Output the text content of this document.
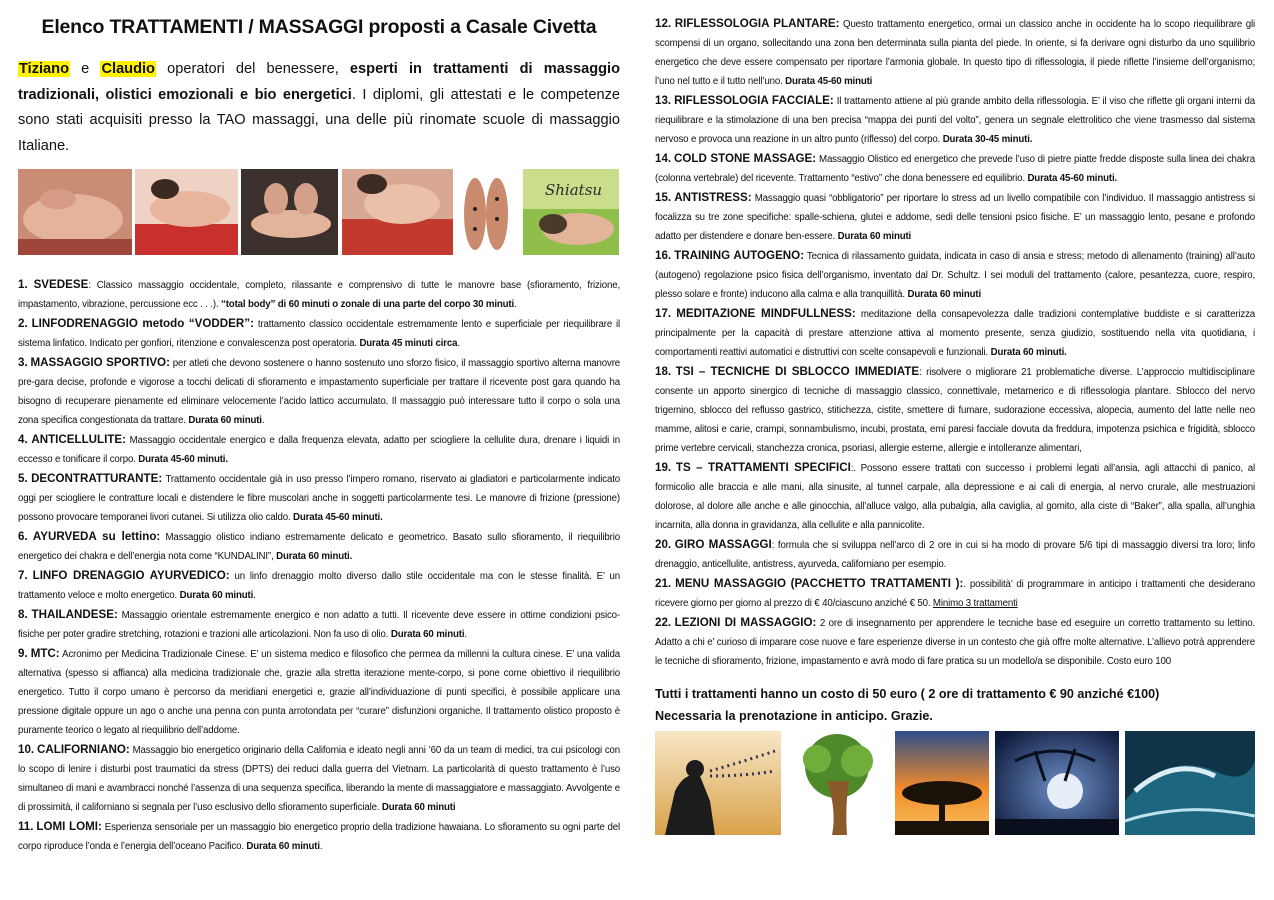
Elenco TRATTAMENTI / MASSAGGI proposti a Casale Civetta

Tiziano e Claudio operatori del benessere, esperti in trattamenti di massaggio tradizionali, olistici emozionali e bio energetici. I diplomi, gli attestati e le competenze sono stati acquisiti presso la TAO massaggi, una delle più rinomate scuole di massaggio Italiane.

Shiatsu

1. SVEDESE: Classico massaggio occidentale, completo, rilassante e comprensivo di tutte le manovre base (sfioramento, frizione, impastamento, vibrazione, percussione ecc . . .). “total body” di 60 minuti o zonale di una parte del corpo 30 minuti.

2. LINFODRENAGGIO metodo “VODDER”: trattamento classico occidentale estremamente lento e superficiale per riequilibrare il sistema linfatico. Indicato per gonfiori, ritenzione e convalescenza post operatoria. Durata 45 minuti circa.

3. MASSAGGIO SPORTIVO: per atleti che devono sostenere o hanno sostenuto uno sforzo fisico, il massaggio sportivo alterna manovre pre-gara decise, profonde e vigorose a tocchi delicati di sfioramento e impastamento superficiale per trattare il ricevente post gara quando ha bisogno di recuperare pienamente ed eliminare velocemente l’acido lattico accumulato. Il massaggio può interessare tutto il corpo o sola una zona specifica congestionata da trattare. Durata 60 minuti.

4. ANTICELLULITE: Massaggio occidentale energico e dalla frequenza elevata, adatto per sciogliere la cellulite dura, drenare i liquidi in eccesso e tonificare il corpo. Durata 45-60 minuti.

5. DECONTRATTURANTE: Trattamento occidentale già in uso presso l’impero romano, riservato ai gladiatori e particolarmente indicato oggi per sciogliere le contratture locali e distendere le fibre muscolari anche in soggetti particolarmente tesi. Le manovre di frizione (pressione) possono provocare temporanei livori cutanei. Si utilizza olio caldo. Durata 45-60 minuti.

6. AYURVEDA su lettino: Massaggio olistico indiano estremamente delicato e geometrico. Basato sullo sfioramento, il riequilibrio energetico dei chakra e dell’energia nota come “KUNDALINI”, Durata 60 minuti.

7. LINFO DRENAGGIO AYURVEDICO: un linfo drenaggio molto diverso dallo stile occidentale ma con le stesse finalità. E’ un trattamento veloce e molto energetico. Durata 60 minuti.

8. THAILANDESE: Massaggio orientale estremamente energico e non adatto a tutti. Il ricevente deve essere in ottime condizioni psico-fisiche per poter gradire stretching, rotazioni e trazioni alle articolazioni. Non fa uso di olio. Durata 60 minuti.

9. MTC: Acronimo per Medicina Tradizionale Cinese. E’ un sistema medico e filosofico che permea da millenni la cultura cinese. E’ una valida alternativa (spesso si affianca) alla medicina tradizionale che, grazie alla stretta iterazione mente-corpo, si pone come obiettivo il riequilibrio energetico. Tutto il corpo umano è percorso da meridiani energetici e, grazie all’individuazione di punti specifici, è possibile applicare una pressione digitale oppure un ago o anche una penna con punta arrotondata per “curare” disfunzioni organiche. Il trattamento olistico proposto è puramente teorico o legato al riequilibrio dell’addome.

10. CALIFORNIANO: Massaggio bio energetico originario della California e ideato negli anni ’60 da un team di medici, tra cui psicologi con lo scopo di lenire i disturbi post traumatici da stress (DPTS) dei reduci dalla guerra del Vietnam. La particolarità di questo trattamento è l’uso simultaneo di mani e avambracci nonché l’assenza di una sequenza specifica, liberando la mente di massaggiatore e massaggiato. Avvolgente e di prossimità, il californiano si segnala per l’uso esclusivo dello sfioramento superficiale. Durata 60 minuti

11. LOMI LOMI: Esperienza sensoriale per un massaggio bio energetico proprio della tradizione hawaiana. Lo sfioramento su ogni parte del corpo riproduce l’onda e l’energia dell’oceano Pacifico. Durata 60 minuti.

12. RIFLESSOLOGIA PLANTARE: Questo trattamento energetico, ormai un classico anche in occidente ha lo scopo riequilibrare gli scompensi di un organo, sollecitando una zona ben determinata sulla pianta del piede. In oriente, si fa derivare ogni disturbo da uno squilibrio energetico che deve essere compensato per riportare l’armonia globale. In questo tipo di riflessologia, il piede riflette l’insieme dell’organismo; l’uno nel tutto e il tutto nell’uno. Durata 45-60 minuti

13. RIFLESSOLOGIA FACCIALE: Il trattamento attiene al più grande ambito della riflessologia. E’ il viso che riflette gli organi interni da riequilibrare e la stimolazione di una ben precisa “mappa dei punti del volto”, genera un segnale elettrolitico che viene trasmesso dal sistema nervoso e provoca una reazione in un altro punto (riflesso) del corpo. Durata 30-45 minuti.

14. COLD STONE MASSAGE: Massaggio Olistico ed energetico che prevede l’uso di pietre piatte fredde disposte sulla linea dei chakra (colonna vertebrale) del ricevente. Trattamento “estivo” che dona benessere ed equilibrio. Durata 45-60 minuti.

15. ANTISTRESS: Massaggio quasi “obbligatorio” per riportare lo stress ad un livello compatibile con l’individuo. Il massaggio antistress si focalizza su tre zone specifiche: spalle-schiena, glutei e addome, sedi delle tensioni psico fisiche. E’ un massaggio lento, pesane e profondo adatto per distendere e donare ben-essere. Durata 60 minuti

16. TRAINING AUTOGENO: Tecnica di rilassamento guidata, indicata in caso di ansia e stress; metodo di allenamento (training) all’auto (autogeno) regolazione psico fisica dell’organismo, inventato dal Dr. Schultz. I sei moduli del trattamento (calore, pesantezza, cuore, respiro, plesso solare e fronte) inducono alla calma e alla tranquillità. Durata 60 minuti

17. MEDITAZIONE MINDFULLNESS: meditazione della consapevolezza dalle tradizioni contemplative buddiste e si caratterizza principalmente per la capacità di prestare attenzione attiva al momento presente, senza giudizio, sostituendo nella vita quotidiana, i comportamenti reattivi automatici e distruttivi con scelte consapevoli e funzionali. Durata 60 minuti.

18. TSI – TECNICHE DI SBLOCCO IMMEDIATE: risolvere o migliorare 21 problematiche diverse. L’approccio multidisciplinare consente un apporto sinergico di tecniche di massaggio classico, connettivale, metamerico e di riflessologia plantare. Sblocco del nervo trigemino, sblocco del reflusso gastrico, stitichezza, cistite, smettere di fumare, sudorazione eccessiva, alopecia, aumento del latte nelle neo mamme, alitosi e carie, crampi, sonnambulismo, incubi, prostata, emi paresi facciale dovuta da freddura, impotenza psichica e frigidità, sblocco prime vertebre cervicali, stanchezza cronica, psoriasi, allergie esterne, allergie e intolleranze alimentari,

19. TS – TRATTAMENTI SPECIFICI:. Possono essere trattati con successo i problemi legati all’ansia, agli attacchi di panico, al formicolio alle braccia e alle mani, alla sinusite, al tunnel carpale, alla depressione e ai cali di energia, al nervo crurale, alle mestruazioni dolorose, al dolore alle anche e alle ginocchia, all’alluce valgo, alla pubalgia, alla caviglia, al gomito, alla ciste di “Baker”, alla spalla, all’unghia incarnita, alla donna in gravidanza, alla cellulite e alla pannicolite.

20. GIRO MASSAGGI: formula che si sviluppa nell’arco di 2 ore in cui si ha modo di provare 5/6 tipi di massaggio diversi tra loro; linfo drenaggio, anticellulite, antistress, ayurveda, californiano per esempio.

21. MENU MASSAGGIO (PACCHETTO TRATTAMENTI ):. possibilità’ di programmare in anticipo i trattamenti che desiderano ricevere giorno per giorno al prezzo di € 40/ciascuno anziché € 50. Minimo 3 trattamenti

22. LEZIONI DI MASSAGGIO: 2 ore di insegnamento per apprendere le tecniche base ed eseguire un corretto trattamento su lettino. Adatto a chi e’ curioso di imparare cose nuove e fare esperienze diverse in un contesto che già offre molte alternative. L’allievo potrà apprendere le tecniche di sfioramento, frizione, impastamento e avrà modo di fare pratica su un modello/a se disponibile. Costo euro 100

Tutti i trattamenti hanno un costo di 50 euro ( 2 ore di trattamento € 90 anziché €100)
Necessaria la prenotazione in anticipo. Grazie.
